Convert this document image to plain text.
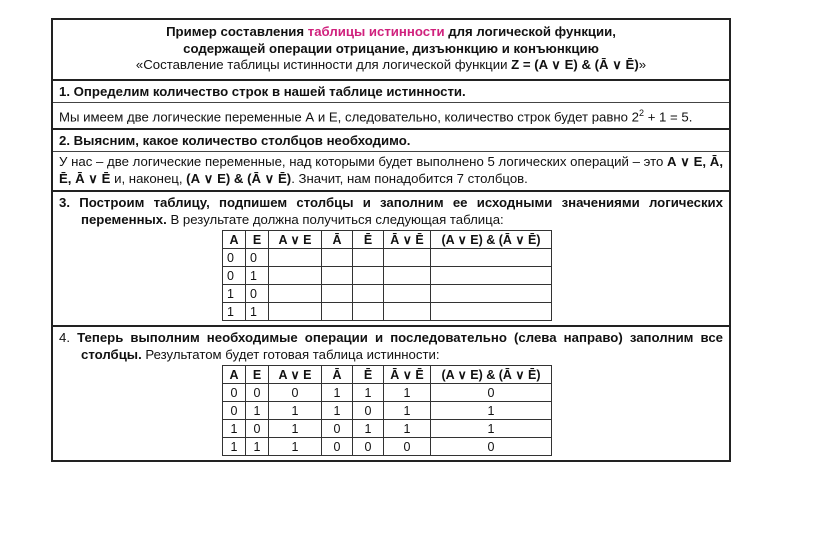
Пример составления таблицы истинности для логической функции,
содержащей операции отрицание, дизъюнкцию и конъюнкцию
«Составление таблицы истинности для логической функции Z = (A ∨ E) & (Ā ∨ Ē)»
1. Определим количество строк в нашей таблице истинности.
Мы имеем две логические переменные А и Е, следовательно, количество строк будет равно $2^2 + 1 = 5$.
2. Выясним, какое количество столбцов необходимо.
У нас – две логические переменные, над которыми будет выполнено 5 логических операций – это А ∨ Е, Ā, Ē, Ā ∨ Ē и, наконец, (А ∨ Е) & (Ā ∨ Ē). Значит, нам понадобится 7 столбцов.
3. Построим таблицу, подпишем столбцы и заполним ее исходными значениями логических переменных. В результате должна получиться следующая таблица:
A	E	A ∨ E	Ā	Ē	Ā ∨ Ē	(A ∨ E) & (Ā ∨ Ē)
0	0					
0	1					
1	0					
1	1					
4. Теперь выполним необходимые операции и последовательно (слева направо) заполним все столбцы. Результатом будет готовая таблица истинности:
A	E	A ∨ E	Ā	Ē	Ā ∨ Ē	(A ∨ E) & (Ā ∨ Ē)
0	0	0	1	1	1	0
0	1	1	1	0	1	1
1	0	1	0	1	1	1
1	1	1	0	0	0	0
